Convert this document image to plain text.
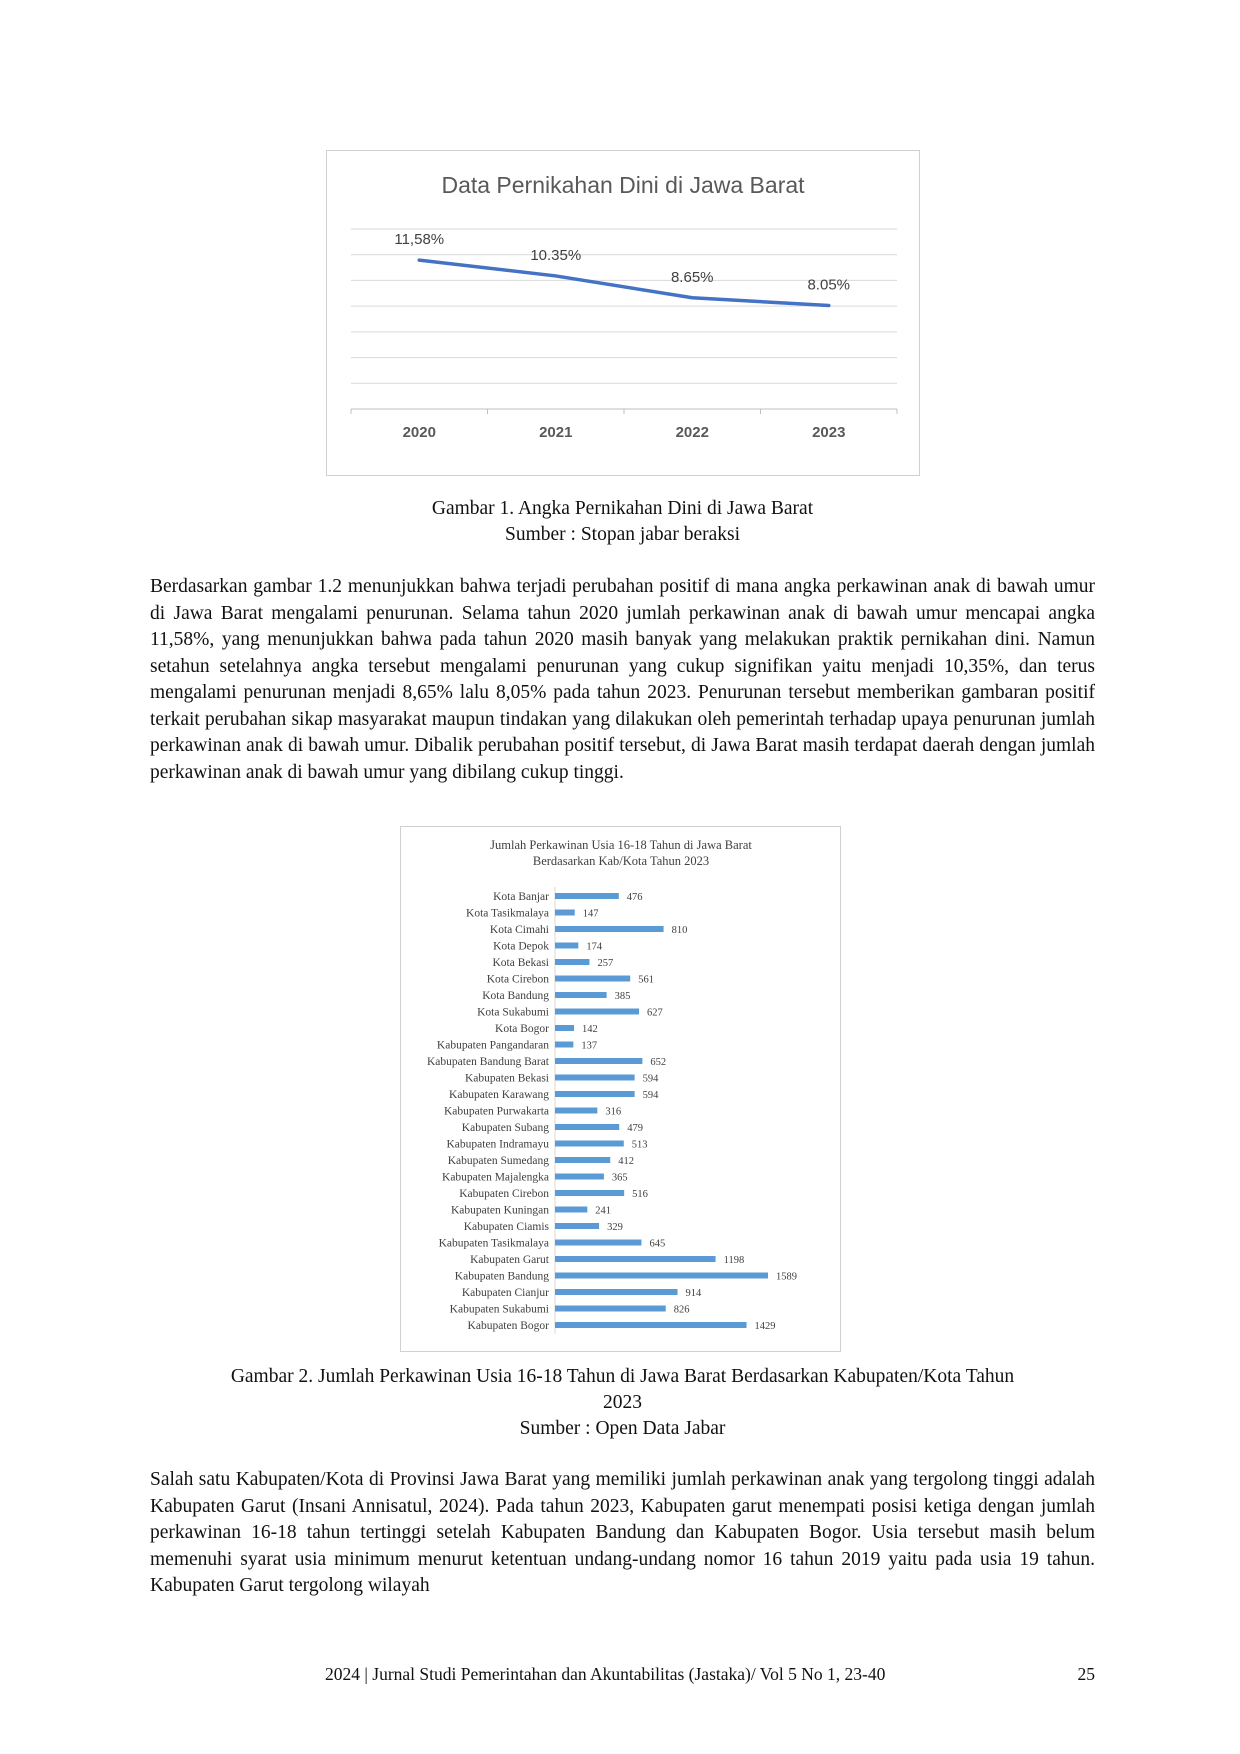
Data Pernikahan Dini di Jawa Barat
2020	2021	2022	2023
11,58%
10.35%
8.65%	8.05%
Gambar 1. Angka Pernikahan Dini di Jawa Barat
Sumber : Stopan jabar beraksi

Berdasarkan gambar 1.2 menunjukkan bahwa terjadi perubahan positif di mana angka perkawinan anak di bawah umur di Jawa Barat mengalami penurunan. Selama tahun 2020 jumlah perkawinan anak di bawah umur mencapai angka 11,58%, yang menunjukkan bahwa pada tahun 2020 masih banyak yang melakukan praktik pernikahan dini. Namun setahun setelahnya angka tersebut mengalami penurunan yang cukup signifikan yaitu menjadi 10,35%, dan terus mengalami penurunan menjadi 8,65% lalu 8,05% pada tahun 2023. Penurunan tersebut memberikan gambaran positif terkait perubahan sikap masyarakat maupun tindakan yang dilakukan oleh pemerintah terhadap upaya penurunan jumlah perkawinan anak di bawah umur. Dibalik perubahan positif tersebut, di Jawa Barat masih terdapat daerah dengan jumlah perkawinan anak di bawah umur yang dibilang cukup tinggi.

Jumlah Perkawinan Usia 16-18 Tahun di Jawa Barat
Berdasarkan Kab/Kota Tahun 2023
Kota Banjar	476
Kota Tasikmalaya	147
Kota Cimahi	810
Kota Depok	174
Kota Bekasi	257
Kota Cirebon	561
Kota Bandung	385
Kota Sukabumi	627
Kota Bogor	142
Kabupaten Pangandaran	137
Kabupaten Bandung Barat	652
Kabupaten Bekasi	594
Kabupaten Karawang	594
Kabupaten Purwakarta	316
Kabupaten Subang	479
Kabupaten Indramayu	513
Kabupaten Sumedang	412
Kabupaten Majalengka	365
Kabupaten Cirebon	516
Kabupaten Kuningan	241
Kabupaten Ciamis	329
Kabupaten Tasikmalaya	645
Kabupaten Garut	1198
Kabupaten Bandung	1589
Kabupaten Cianjur	914
Kabupaten Sukabumi	826
Kabupaten Bogor	1429
Gambar 2. Jumlah Perkawinan Usia 16-18 Tahun di Jawa Barat Berdasarkan Kabupaten/Kota Tahun
2023
Sumber : Open Data Jabar

Salah satu Kabupaten/Kota di Provinsi Jawa Barat yang memiliki jumlah perkawinan anak yang tergolong tinggi adalah Kabupaten Garut (Insani Annisatul, 2024). Pada tahun 2023, Kabupaten garut menempati posisi ketiga dengan jumlah perkawinan 16-18 tahun tertinggi setelah Kabupaten Bandung dan Kabupaten Bogor. Usia tersebut masih belum memenuhi syarat usia minimum menurut ketentuan undang-undang nomor 16 tahun 2019 yaitu pada usia 19 tahun. Kabupaten Garut tergolong wilayah

2024 | Jurnal Studi Pemerintahan dan Akuntabilitas (Jastaka)/ Vol 5 No 1, 23-40	25
